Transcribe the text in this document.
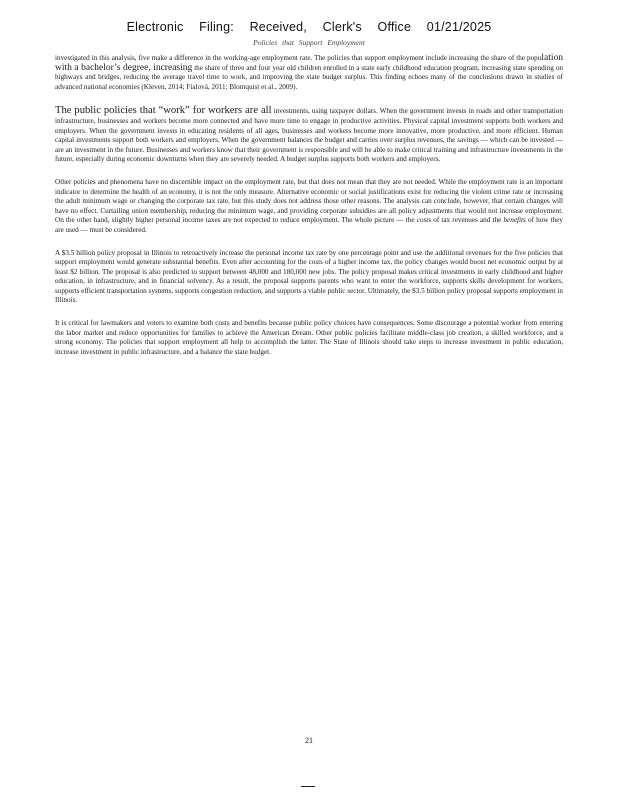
Electronic Filing: Received, Clerk's Office 01/21/2025
Policies that Support Employment

investigated in this analysis, five make a difference in the working-age employment rate. The policies that support employment include increasing the share of the population with a bachelor’s degree, increasing the share of three and four year old children enrolled in a state early childhood education program, increasing state spending on highways and bridges, reducing the average travel time to work, and improving the state budget surplus. This finding echoes many of the conclusions drawn in studies of advanced national economies (Kleven, 2014; Fialová, 2011; Blomquist et al., 2009).

The public policies that “work” for workers are all investments, using taxpayer dollars. When the government invests in roads and other transportation infrastructure, businesses and workers become more connected and have more time to engage in productive activities. Physical capital investment supports both workers and employers. When the government invests in educating residents of all ages, businesses and workers become more innovative, more productive, and more efficient. Human capital investments support both workers and employers. When the government balances the budget and carries over surplus revenues, the savings — which can be invested — are an investment in the future. Businesses and workers know that their government is responsible and will be able to make critical training and infrastructure investments in the future, especially during economic downturns when they are severely needed. A budget surplus supports both workers and employers.

Other policies and phenomena have no discernible impact on the employment rate, but that does not mean that they are not needed. While the employment rate is an important indicator to determine the health of an economy, it is not the only measure. Alternative economic or social justifications exist for reducing the violent crime rate or increasing the adult minimum wage or changing the corporate tax rate, but this study does not address those other reasons. The analysis can conclude, however, that certain changes will have no effect. Curtailing union membership, reducing the minimum wage, and providing corporate subsidies are all policy adjustments that would not increase employment. On the other hand, slightly higher personal income taxes are not expected to reduce employment. The whole picture — the costs of tax revenues and the benefits of how they are used — must be considered.

A $3.5 billion policy proposal in Illinois to retroactively increase the personal income tax rate by one percentage point and use the additional revenues for the five policies that support employment would generate substantial benefits. Even after accounting for the costs of a higher income tax, the policy changes would boost net economic output by at least $2 billion. The proposal is also predicted to support between 48,000 and 180,000 new jobs. The policy proposal makes critical investments in early childhood and higher education, in infrastructure, and in financial solvency. As a result, the proposal supports parents who want to enter the workforce, supports skills development for workers, supports efficient transportation systems, supports congestion reduction, and supports a viable public sector. Ultimately, the $3.5 billion policy proposal supports employment in Illinois.

It is critical for lawmakers and voters to examine both costs and benefits because public policy choices have consequences. Some discourage a potential worker from entering the labor market and reduce opportunities for families to achieve the American Dream. Other public policies facilitate middle-class job creation, a skilled workforce, and a strong economy. The policies that support employment all help to accomplish the latter. The State of Illinois should take steps to increase investment in public education, increase investment in public infrastructure, and a balance the state budget.

21
